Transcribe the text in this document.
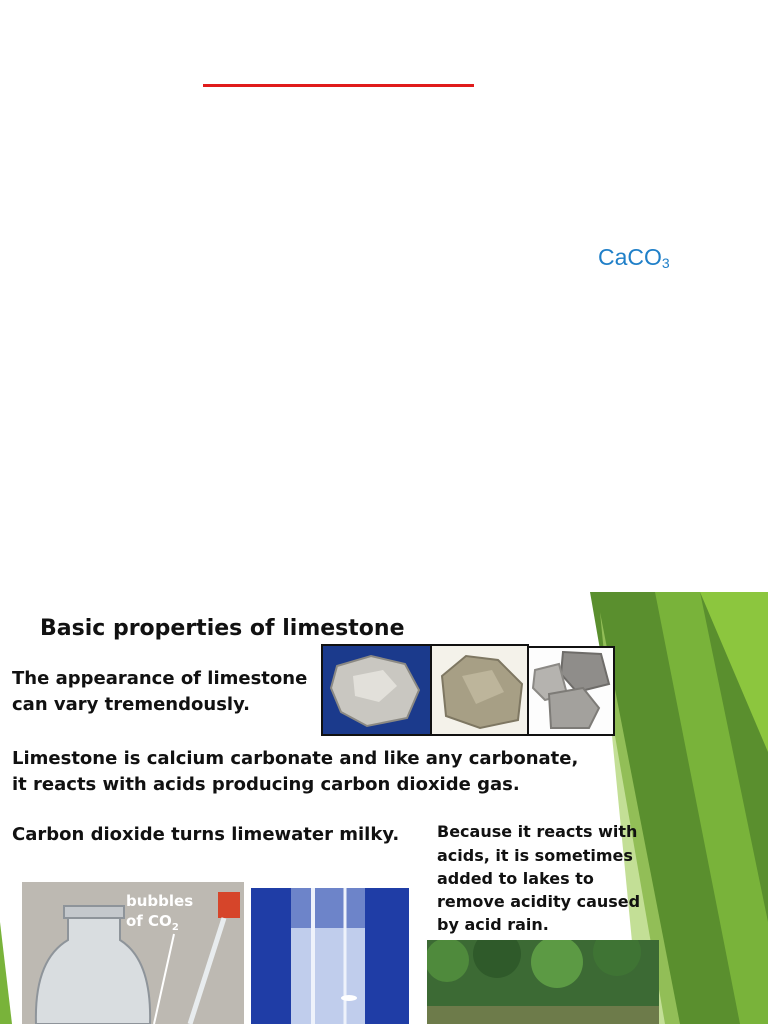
CaCO$_3$
Basic properties of limestone
The appearance of limestone
can vary tremendously.
Limestone is calcium carbonate and like any carbonate,
it reacts with acids producing carbon dioxide gas.
Carbon dioxide turns limewater milky. Because it reacts with
acids, it is sometimes
added to lakes to
remove acidity caused
by acid rain.
bubbles
of $CO_2$
